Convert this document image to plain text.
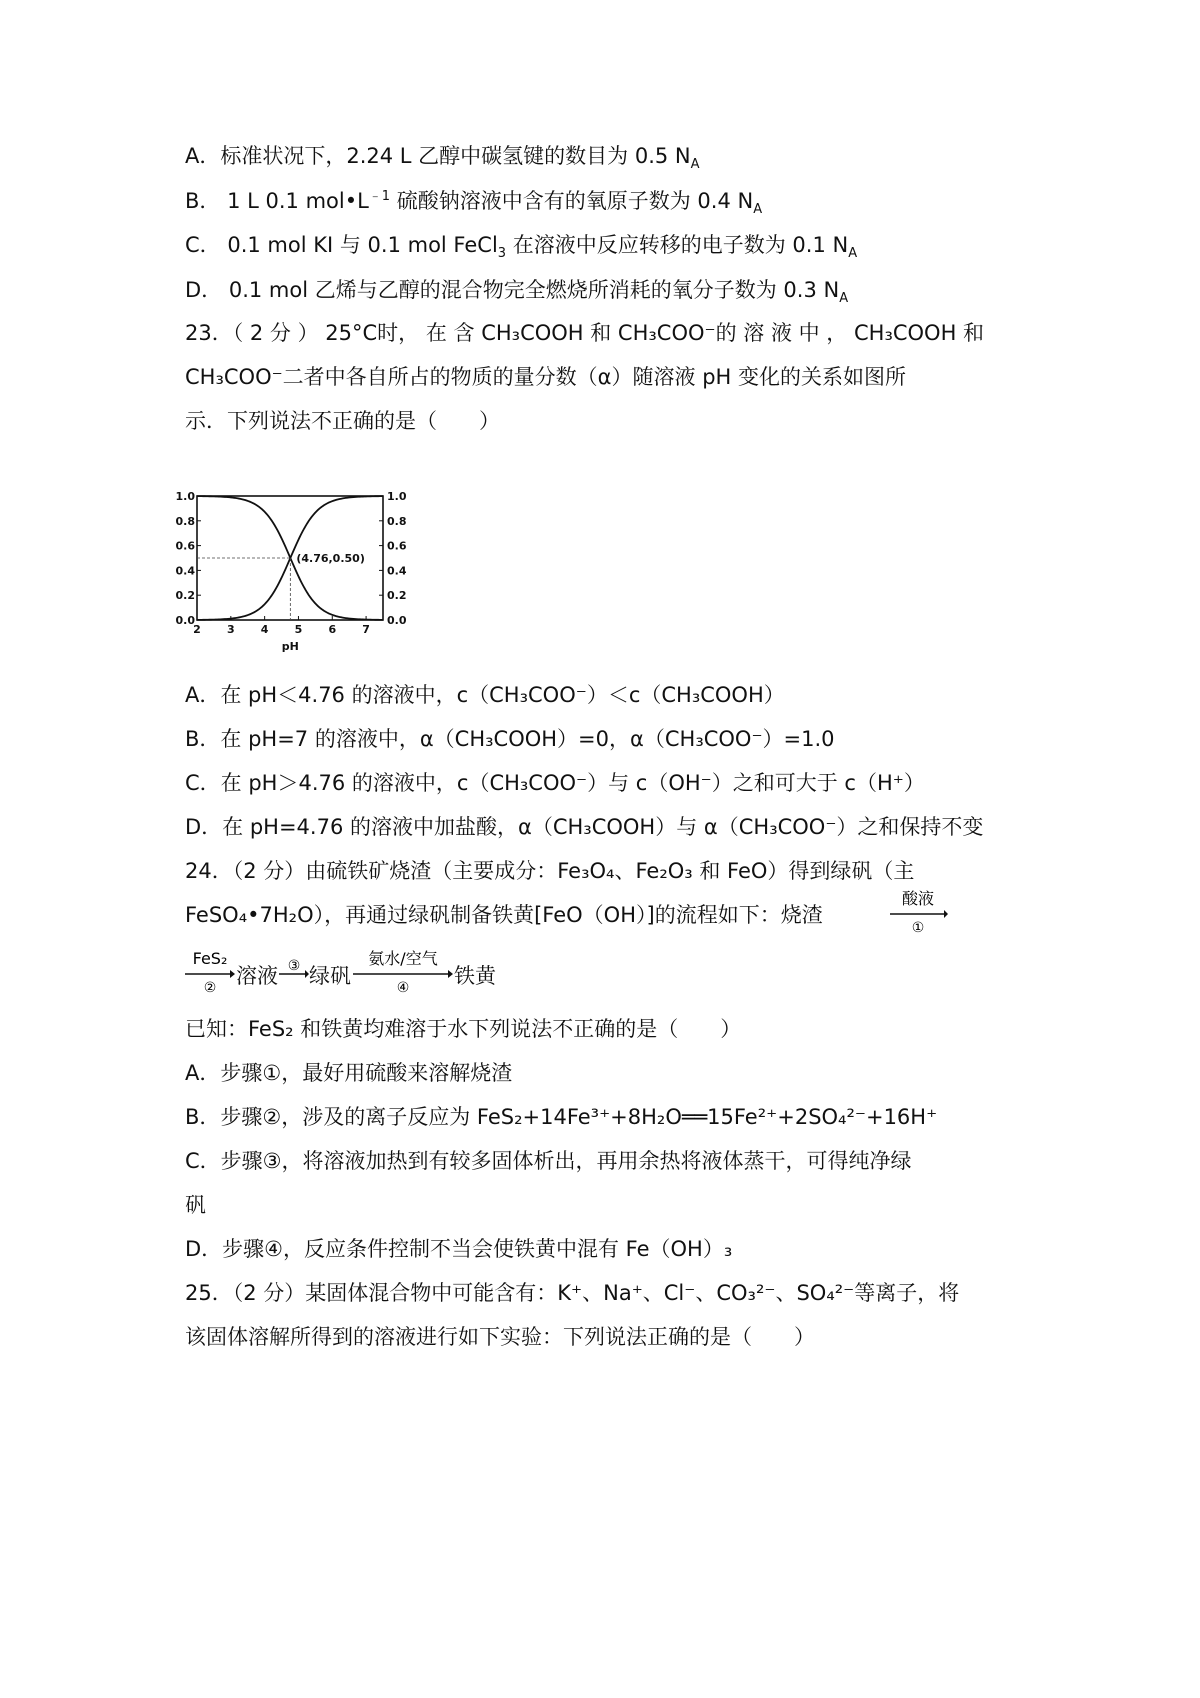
A．标准状况下，2.24 L 乙醇中碳氢键的数目为 0.5 $N_A$
B． 1 L 0.1 $mol•L^{﹣1}$ 硫酸钠溶液中含有的氧原子数为 0.4 $N_A$
C． 0.1 mol KI 与 0.1 mol FeCl$_3$ 在溶液中反应转移的电子数为 0.1 $N_A$
D． 0.1 mol 乙烯与乙醇的混合物完全燃烧所消耗的氧分子数为 0.3 $N_A$
23．（ 2 分 ） 25°C时， 在 含 CH₃COOH 和 CH₃COO⁻的 溶 液 中 ， CH₃COOH 和
CH₃COO⁻二者中各自所占的物质的量分数（α）随溶液 pH 变化的关系如图所
示．下列说法不正确的是（　　）
2 3 4 5 6 7
0.0
0.2
0.4
0.6
0.8
1.0
0.0
0.2
0.4
0.6
0.8
1.0
(4.76,0.50)
pH
A．在 pH＜4.76 的溶液中，c（CH₃COO⁻）＜c（CH₃COOH）
B．在 pH=7 的溶液中，α（CH₃COOH）=0，α（CH₃COO⁻）=1.0
C．在 pH＞4.76 的溶液中，c（CH₃COO⁻）与 c（OH⁻）之和可大于 c（H⁺）
D．在 pH=4.76 的溶液中加盐酸，α（CH₃COOH）与 α（CH₃COO⁻）之和保持不变
24．（2 分）由硫铁矿烧渣（主要成分：Fe₃O₄、Fe₂O₃ 和 FeO）得到绿矾（主
FeSO₄•7H₂O），再通过绿矾制备铁黄[FeO（OH）]的流程如下：烧渣
酸液
①
FeS₂
② 溶液 ③ 绿矾
氨水/空气
④ 铁黄
已知：FeS₂ 和铁黄均难溶于水下列说法不正确的是（　　）
A．步骤①，最好用硫酸来溶解烧渣
B．步骤②，涉及的离子反应为 FeS₂+14Fe³⁺+8H₂O══15Fe²⁺+2SO₄²⁻+16H⁺
C．步骤③，将溶液加热到有较多固体析出，再用余热将液体蒸干，可得纯净绿
矾
D．步骤④，反应条件控制不当会使铁黄中混有 Fe（OH）₃
25．（2 分）某固体混合物中可能含有：K⁺、Na⁺、Cl⁻、CO₃²⁻、SO₄²⁻等离子，将
该固体溶解所得到的溶液进行如下实验：下列说法正确的是（　　）
